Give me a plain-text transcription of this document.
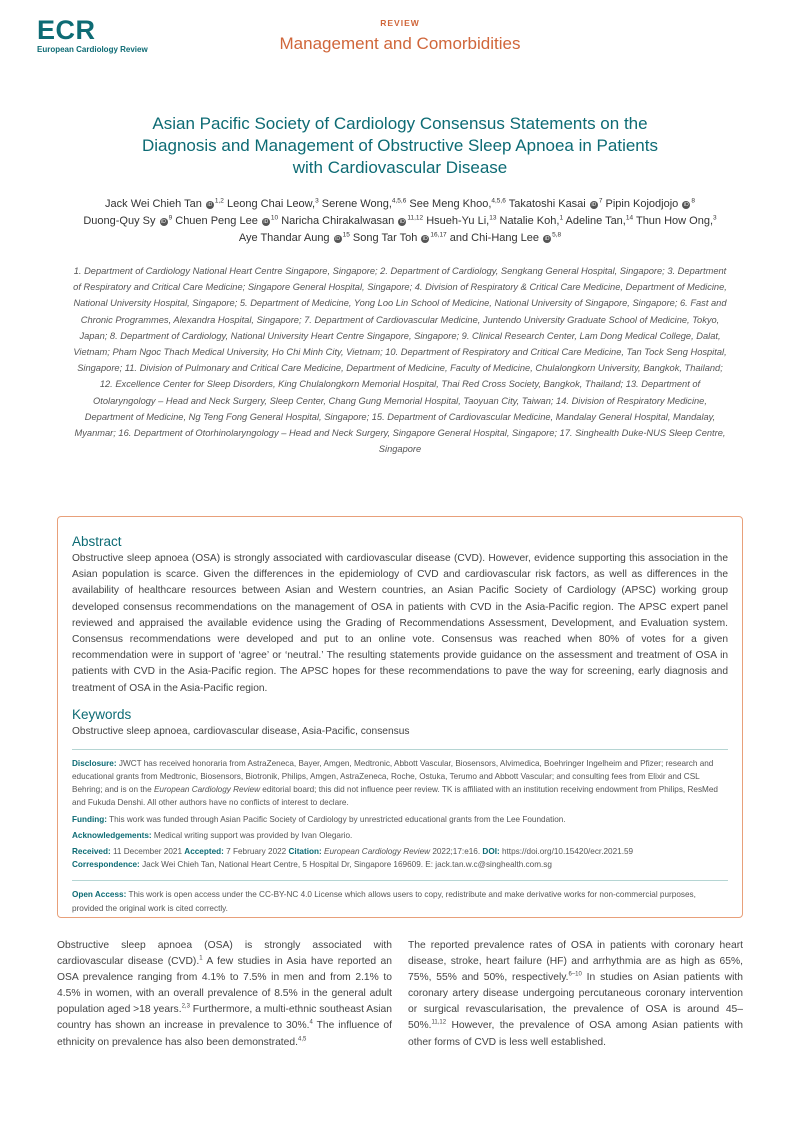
ECR
European Cardiology Review
REVIEW
Management and Comorbidities
Asian Pacific Society of Cardiology Consensus Statements on the Diagnosis and Management of Obstructive Sleep Apnoea in Patients with Cardiovascular Disease
Jack Wei Chieh Tan iD$^{1,2}$ Leong Chai Leow,$^3$ Serene Wong,$^{4,5,6}$ See Meng Khoo,$^{4,5,6}$ Takatoshi Kasai $iD^7$ Pipin Kojodjojo $iD^8$ Duong-Quy Sy $iD^9$ Chuen Peng Lee $iD^{10}$ Naricha Chirakalwasan iD$^{11,12}$ Hsueh-Yu Li,$^{13}$ Natalie Koh,$^1$ Adeline Tan,$^{14}$ Thun How Ong,$^3$ Aye Thandar Aung $iD^{15}$ Song Tar Toh iD$^{16,17}$ and Chi-Hang Lee iD$^{5,8}$
1. Department of Cardiology National Heart Centre Singapore, Singapore; 2. Department of Cardiology, Sengkang General Hospital, Singapore; 3. Department of Respiratory and Critical Care Medicine; Singapore General Hospital, Singapore; 4. Division of Respiratory & Critical Care Medicine, Department of Medicine, National University Hospital, Singapore; 5. Department of Medicine, Yong Loo Lin School of Medicine, National University of Singapore, Singapore; 6. Fast and Chronic Programmes, Alexandra Hospital, Singapore; 7. Department of Cardiovascular Medicine, Juntendo University Graduate School of Medicine, Tokyo, Japan; 8. Department of Cardiology, National University Heart Centre Singapore, Singapore; 9. Clinical Research Center, Lam Dong Medical College, Dalat, Vietnam; Pham Ngoc Thach Medical University, Ho Chi Minh City, Vietnam; 10. Department of Respiratory and Critical Care Medicine, Tan Tock Seng Hospital, Singapore; 11. Division of Pulmonary and Critical Care Medicine, Department of Medicine, Faculty of Medicine, Chulalongkorn University, Bangkok, Thailand; 12. Excellence Center for Sleep Disorders, King Chulalongkorn Memorial Hospital, Thai Red Cross Society, Bangkok, Thailand; 13. Department of Otolaryngology – Head and Neck Surgery, Sleep Center, Chang Gung Memorial Hospital, Taoyuan City, Taiwan; 14. Division of Respiratory Medicine, Department of Medicine, Ng Teng Fong General Hospital, Singapore; 15. Department of Cardiovascular Medicine, Mandalay General Hospital, Mandalay, Myanmar; 16. Department of Otorhinolaryngology – Head and Neck Surgery, Singapore General Hospital, Singapore; 17. Singhealth Duke-NUS Sleep Centre, Singapore
Abstract

Obstructive sleep apnoea (OSA) is strongly associated with cardiovascular disease (CVD). However, evidence supporting this association in the Asian population is scarce. Given the differences in the epidemiology of CVD and cardiovascular risk factors, as well as differences in the availability of healthcare resources between Asian and Western countries, an Asian Pacific Society of Cardiology (APSC) working group developed consensus recommendations on the management of OSA in patients with CVD in the Asia-Pacific region. The APSC expert panel reviewed and appraised the available evidence using the Grading of Recommendations Assessment, Development, and Evaluation system. Consensus recommendations were developed and put to an online vote. Consensus was reached when 80% of votes for a given recommendation were in support of ‘agree’ or ‘neutral.’ The resulting statements provide guidance on the assessment and treatment of OSA in patients with CVD in the Asia-Pacific region. The APSC hopes for these recommendations to pave the way for screening, early diagnosis and treatment of OSA in the Asia-Pacific region.

Keywords

Obstructive sleep apnoea, cardiovascular disease, Asia-Pacific, consensus

Disclosure: JWCT has received honoraria from AstraZeneca, Bayer, Amgen, Medtronic, Abbott Vascular, Biosensors, Alvimedica, Boehringer Ingelheim and Pfizer; research and educational grants from Medtronic, Biosensors, Biotronik, Philips, Amgen, AstraZeneca, Roche, Ostuka, Terumo and Abbott Vascular; and consulting fees from Elixir and CSL Behring; and is on the European Cardiology Review editorial board; this did not influence peer review. TK is affiliated with an institution receiving endowment from Philips, ResMed and Fukuda Denshi. All other authors have no conflicts of interest to declare.

Funding: This work was funded through Asian Pacific Society of Cardiology by unrestricted educational grants from the Lee Foundation.

Acknowledgements: Medical writing support was provided by Ivan Olegario.

Received: 11 December 2021 Accepted: 7 February 2022 Citation: European Cardiology Review 2022;17:e16. DOI: https://doi.org/10.15420/ecr.2021.59

Correspondence: Jack Wei Chieh Tan, National Heart Centre, 5 Hospital Dr, Singapore 169609. E: jack.tan.w.c@singhealth.com.sg

Open Access: This work is open access under the CC-BY-NC 4.0 License which allows users to copy, redistribute and make derivative works for non-commercial purposes, provided the original work is cited correctly.

Obstructive sleep apnoea (OSA) is strongly associated with cardiovascular disease (CVD).$^1$ A few studies in Asia have reported an OSA prevalence ranging from 4.1% to 7.5% in men and from 2.1% to 4.5% in women, with an overall prevalence of 8.5% in the general adult population aged >18 years.$^{2,3}$ Furthermore, a multi-ethnic southeast Asian country has shown an increase in prevalence to 30%.$^4$ The influence of ethnicity on prevalence has also been demonstrated.$^{4,5}$

The reported prevalence rates of OSA in patients with coronary heart disease, stroke, heart failure (HF) and arrhythmia are as high as 65%, 75%, 55% and 50%, respectively.$^{6-10}$ In studies on Asian patients with coronary artery disease undergoing percutaneous coronary intervention or surgical revascularisation, the prevalence of OSA is around 45–50%.$^{11,12}$ However, the prevalence of OSA among Asian patients with other forms of CVD is less well established.
